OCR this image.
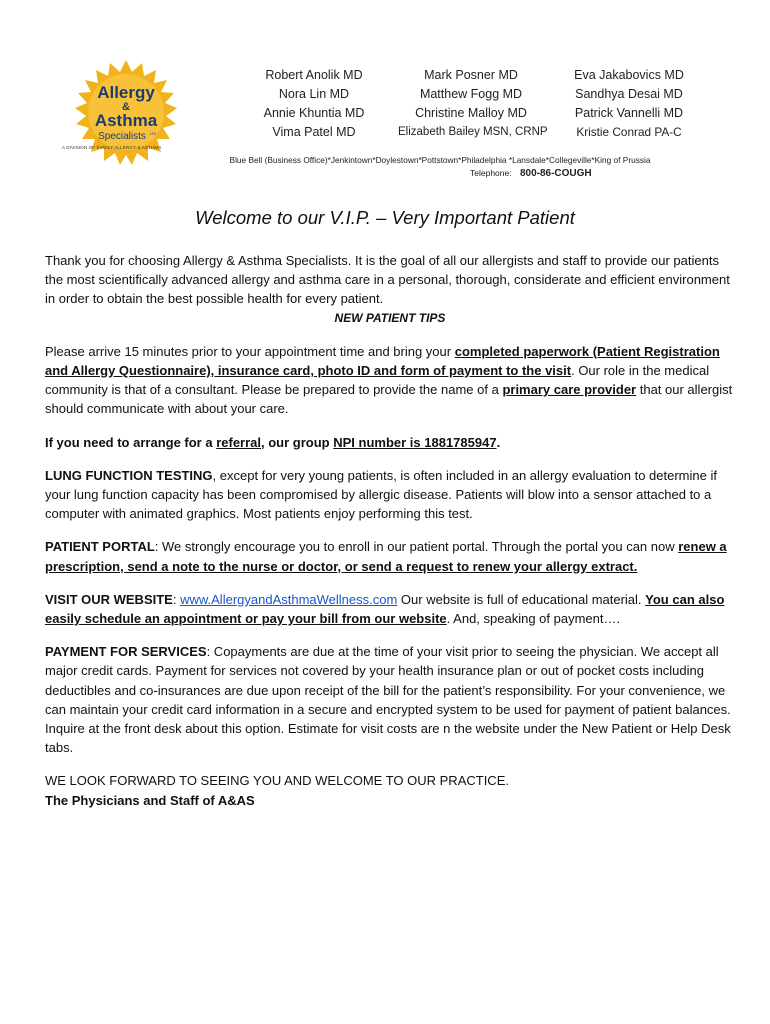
Allergy
&
Asthma
Specialists LTD
A DIVISION OF FAMILY ALLERGY & ASTHMA
Robert Anolik MD
Nora Lin MD
Annie Khuntia MD
Vima Patel MD
Mark Posner MD
Matthew Fogg MD
Christine Malloy MD
Elizabeth Bailey MSN, CRNP
Eva Jakabovics MD
Sandhya Desai MD
Patrick Vannelli MD
Kristie Conrad PA-C
Blue Bell (Business Office)*Jenkintown*Doylestown*Pottstown*Philadelphia *Lansdale*Collegeville*King of Prussia
Telephone: 800-86-COUGH
Welcome to our V.I.P. – Very Important Patient

Thank you for choosing Allergy & Asthma Specialists. It is the goal of all our allergists and staff to provide our patients the most scientifically advanced allergy and asthma care in a personal, thorough, considerate and efficient environment in order to obtain the best possible health for every patient.

NEW PATIENT TIPS

Please arrive 15 minutes prior to your appointment time and bring your completed paperwork (Patient Registration and Allergy Questionnaire), insurance card, photo ID and form of payment to the visit. Our role in the medical community is that of a consultant. Please be prepared to provide the name of a primary care provider that our allergist should communicate with about your care.

If you need to arrange for a referral, our group NPI number is 1881785947.

LUNG FUNCTION TESTING, except for very young patients, is often included in an allergy evaluation to determine if your lung function capacity has been compromised by allergic disease. Patients will blow into a sensor attached to a computer with animated graphics. Most patients enjoy performing this test.

PATIENT PORTAL: We strongly encourage you to enroll in our patient portal. Through the portal you can now renew a prescription, send a note to the nurse or doctor, or send a request to renew your allergy extract.

VISIT OUR WEBSITE: www.AllergyandAsthmaWellness.com Our website is full of educational material. You can also easily schedule an appointment or pay your bill from our website. And, speaking of payment….

PAYMENT FOR SERVICES: Copayments are due at the time of your visit prior to seeing the physician. We accept all major credit cards. Payment for services not covered by your health insurance plan or out of pocket costs including deductibles and co-insurances are due upon receipt of the bill for the patient’s responsibility. For your convenience, we can maintain your credit card information in a secure and encrypted system to be used for payment of patient balances. Inquire at the front desk about this option. Estimate for visit costs are n the website under the New Patient or Help Desk tabs.

WE LOOK FORWARD TO SEEING YOU AND WELCOME TO OUR PRACTICE.

The Physicians and Staff of A&AS
